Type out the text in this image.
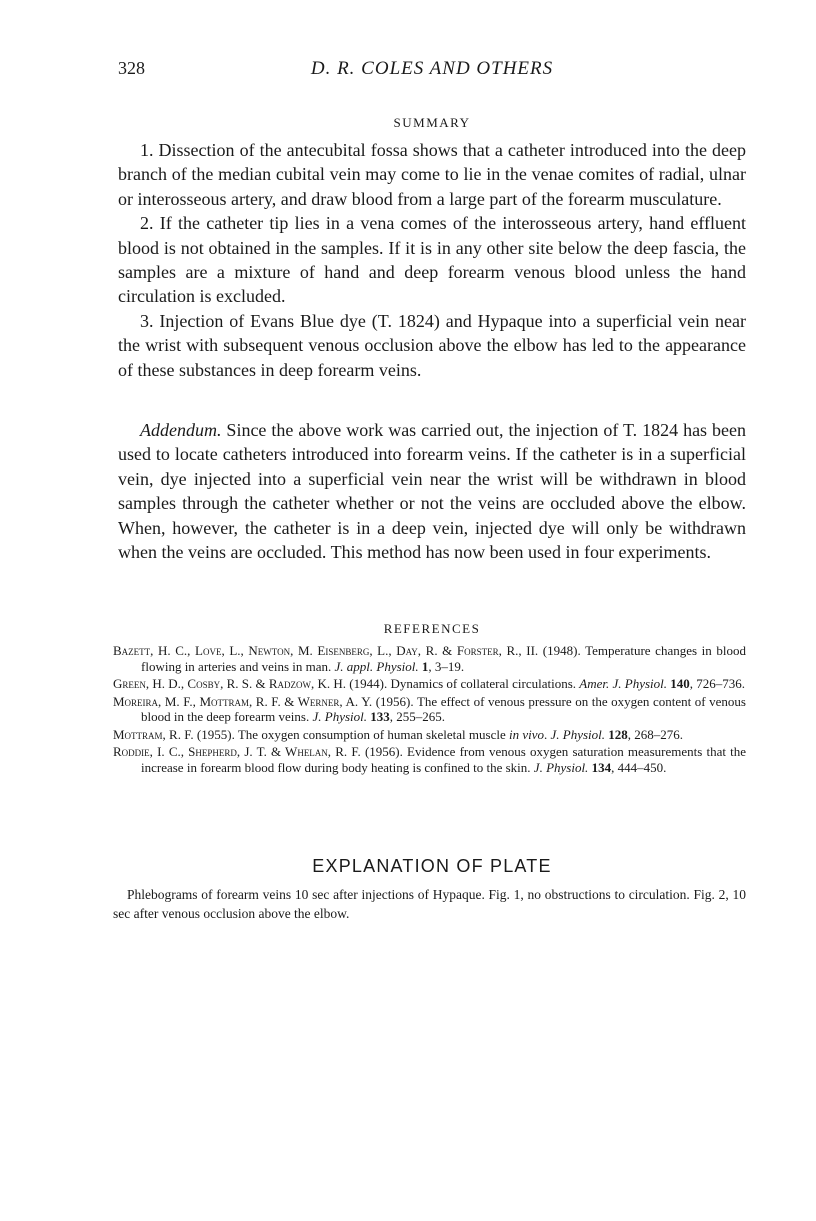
328	D. R. COLES AND OTHERS
SUMMARY

1. Dissection of the antecubital fossa shows that a catheter introduced into the deep branch of the median cubital vein may come to lie in the venae comites of radial, ulnar or interosseous artery, and draw blood from a large part of the forearm musculature.

2. If the catheter tip lies in a vena comes of the interosseous artery, hand effluent blood is not obtained in the samples. If it is in any other site below the deep fascia, the samples are a mixture of hand and deep forearm venous blood unless the hand circulation is excluded.

3. Injection of Evans Blue dye (T. 1824) and Hypaque into a superficial vein near the wrist with subsequent venous occlusion above the elbow has led to the appearance of these substances in deep forearm veins.

Addendum. Since the above work was carried out, the injection of T. 1824 has been used to locate catheters introduced into forearm veins. If the catheter is in a superficial vein, dye injected into a superficial vein near the wrist will be withdrawn in blood samples through the catheter whether or not the veins are occluded above the elbow. When, however, the catheter is in a deep vein, injected dye will only be withdrawn when the veins are occluded. This method has now been used in four experiments.

REFERENCES

Bazett, H. C., Love, L., Newton, M. Eisenberg, L., Day, R. & Forster, R., II. (1948). Temperature changes in blood flowing in arteries and veins in man. J. appl. Physiol. 1, 3–19.

Green, H. D., Cosby, R. S. & Radzow, K. H. (1944). Dynamics of collateral circulations. Amer. J. Physiol. 140, 726–736.

Moreira, M. F., Mottram, R. F. & Werner, A. Y. (1956). The effect of venous pressure on the oxygen content of venous blood in the deep forearm veins. J. Physiol. 133, 255–265.

Mottram, R. F. (1955). The oxygen consumption of human skeletal muscle in vivo. J. Physiol. 128, 268–276.

Roddie, I. C., Shepherd, J. T. & Whelan, R. F. (1956). Evidence from venous oxygen saturation measurements that the increase in forearm blood flow during body heating is confined to the skin. J. Physiol. 134, 444–450.

EXPLANATION OF PLATE

Phlebograms of forearm veins 10 sec after injections of Hypaque. Fig. 1, no obstructions to circulation. Fig. 2, 10 sec after venous occlusion above the elbow.
